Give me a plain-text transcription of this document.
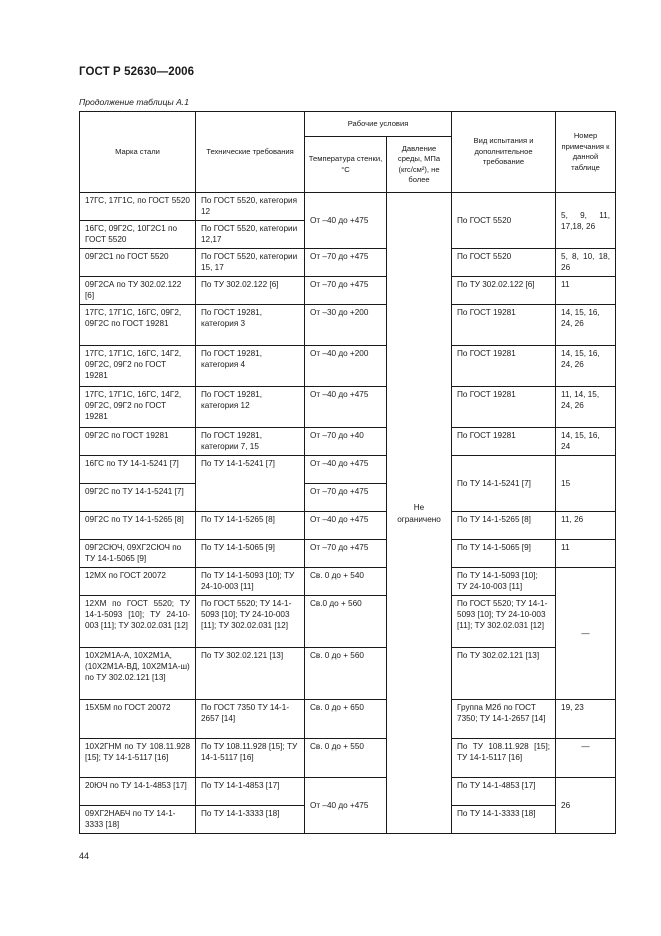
ГОСТ Р 52630—2006
Продолжение таблицы А.1
Марка стали	Технические требования	Рабочие условия		Вид испытания и дополнительное требование	Номер примечания к данной таблице
		Температура стенки, °С	Давление среды, МПа (кгс/см²), не более		
17ГС, 17Г1С, по ГОСТ 5520	По ГОСТ 5520, категория 12	От –40 до +475	Не ограничено	По ГОСТ 5520	5, 9, 11, 17,18, 26
16ГС, 09Г2С, 10Г2С1 по ГОСТ 5520	По ГОСТ 5520, категории 12,17				
09Г2С1 по ГОСТ 5520	По ГОСТ 5520, категории 15, 17	От –70 до +475		По ГОСТ 5520	5, 8, 10, 18, 26
09Г2СА по ТУ 302.02.122 [6]	По ТУ 302.02.122 [6]	От –70 до +475		По ТУ 302.02.122 [6]	11
17ГС, 17Г1С, 16ГС, 09Г2, 09Г2С по ГОСТ 19281	По ГОСТ 19281, категория 3	От –30 до +200		По ГОСТ 19281	14, 15, 16, 24, 26
17ГС, 17Г1С, 16ГС, 14Г2, 09Г2С, 09Г2 по ГОСТ 19281	По ГОСТ 19281, категория 4	От –40 до +200		По ГОСТ 19281	14, 15, 16, 24, 26
17ГС, 17Г1С, 16ГС, 14Г2, 09Г2С, 09Г2 по ГОСТ 19281	По ГОСТ 19281, категория 12	От –40 до +475		По ГОСТ 19281	11, 14, 15, 24, 26
09Г2С по ГОСТ 19281	По ГОСТ 19281, категории 7, 15	От –70 до +40		По ГОСТ 19281	14, 15, 16, 24
16ГС по ТУ 14-1-5241 [7]	По ТУ 14-1-5241 [7]	От –40 до +475		По ТУ 14-1-5241 [7]	15
09Г2С по ТУ 14-1-5241 [7]		От –70 до +475			
09Г2С по ТУ 14-1-5265 [8]	По ТУ 14-1-5265 [8]	От –40 до +475		По ТУ 14-1-5265 [8]	11, 26
09Г2СЮЧ, 09ХГ2СЮЧ по ТУ 14-1-5065 [9]	По ТУ 14-1-5065 [9]	От –70 до +475		По ТУ 14-1-5065 [9]	11
12МХ по ГОСТ 20072	По ТУ 14-1-5093 [10]; ТУ 24-10-003 [11]	Св. 0 до + 540		По ТУ 14-1-5093 [10]; ТУ 24-10-003 [11]	—
12ХМ по ГОСТ 5520; ТУ 14-1-5093 [10]; ТУ 24-10-003 [11]; ТУ 302.02.031 [12]	По ГОСТ 5520; ТУ 14-1-5093 [10]; ТУ 24-10-003 [11]; ТУ 302.02.031 [12]	Св.0 до + 560		По ГОСТ 5520; ТУ 14-1-5093 [10]; ТУ 24-10-003 [11]; ТУ 302.02.031 [12]	
10Х2М1А-А, 10Х2М1А, (10Х2М1А-ВД, 10Х2М1А-ш) по ТУ 302.02.121 [13]	По ТУ 302.02.121 [13]	Св. 0 до + 560		По ТУ 302.02.121 [13]	
15Х5М по ГОСТ 20072	По ГОСТ 7350 ТУ 14-1-2657 [14]	Св. 0 до + 650		Группа М2б по ГОСТ 7350; ТУ 14-1-2657 [14]	19, 23
10Х2ГНМ по ТУ 108.11.928 [15]; ТУ 14-1-5117 [16]	По ТУ 108.11.928 [15]; ТУ 14-1-5117 [16]	Св. 0 до + 550		По ТУ 108.11.928 [15]; ТУ 14-1-5117 [16]	—
20ЮЧ по ТУ 14-1-4853 [17]	По ТУ 14-1-4853 [17]	От –40 до +475		По ТУ 14-1-4853 [17]	26
09ХГ2НАБЧ по ТУ 14-1-3333 [18]	По ТУ 14-1-3333 [18]			По ТУ 14-1-3333 [18]	
44
